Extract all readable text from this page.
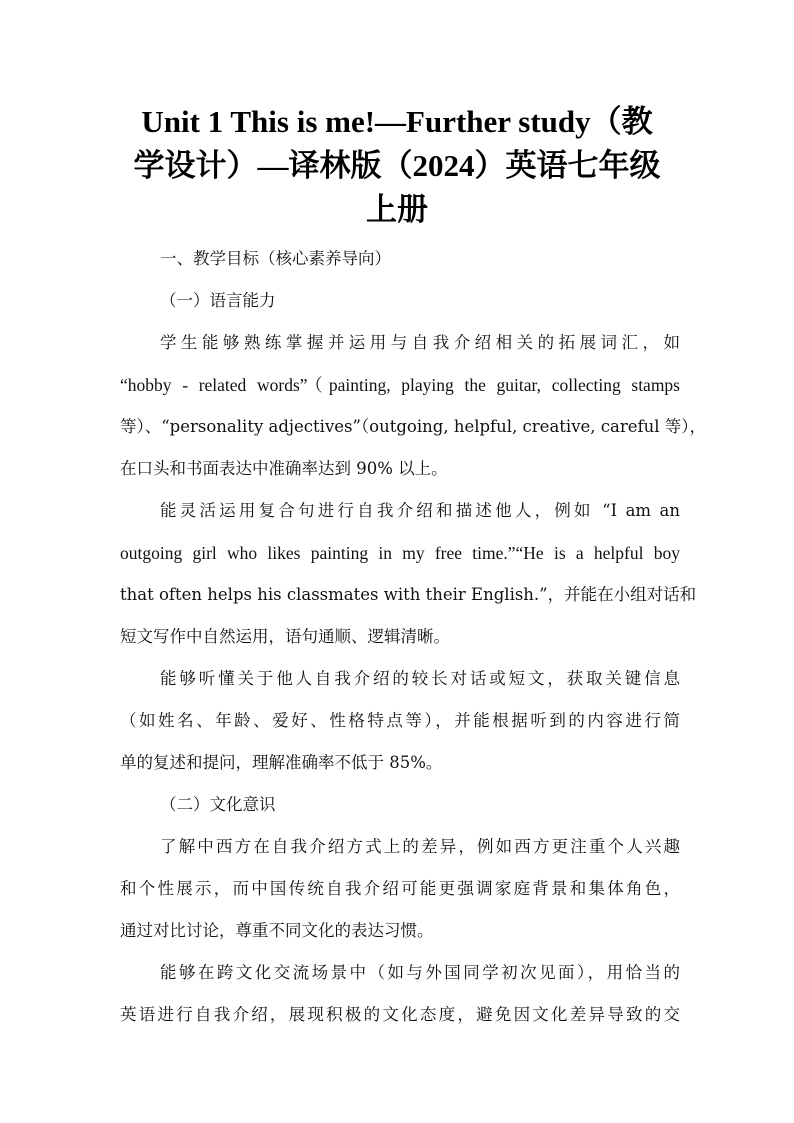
Unit 1 This is me!—Further study（教
学设计）—译林版（2024）英语七年级
上册
一、教学目标（核心素养导向）
（一）语言能力
学生能够熟练掌握并运用与自我介绍相关的拓展词汇，如
“hobby - related words”（painting, playing the guitar, collecting stamps
等）、“personality adjectives”（outgoing, helpful, creative, careful 等），
在口头和书面表达中准确率达到 90% 以上。
能灵活运用复合句进行自我介绍和描述他人，例如 “I am an
outgoing girl who likes painting in my free time.”“He is a helpful boy
that often helps his classmates with their English.”，并能在小组对话和
短文写作中自然运用，语句通顺、逻辑清晰。
能够听懂关于他人自我介绍的较长对话或短文，获取关键信息
（如姓名、年龄、爱好、性格特点等），并能根据听到的内容进行简
单的复述和提问，理解准确率不低于 85%。
（二）文化意识
了解中西方在自我介绍方式上的差异，例如西方更注重个人兴趣
和个性展示，而中国传统自我介绍可能更强调家庭背景和集体角色，
通过对比讨论，尊重不同文化的表达习惯。
能够在跨文化交流场景中（如与外国同学初次见面），用恰当的
英语进行自我介绍，展现积极的文化态度，避免因文化差异导致的交
